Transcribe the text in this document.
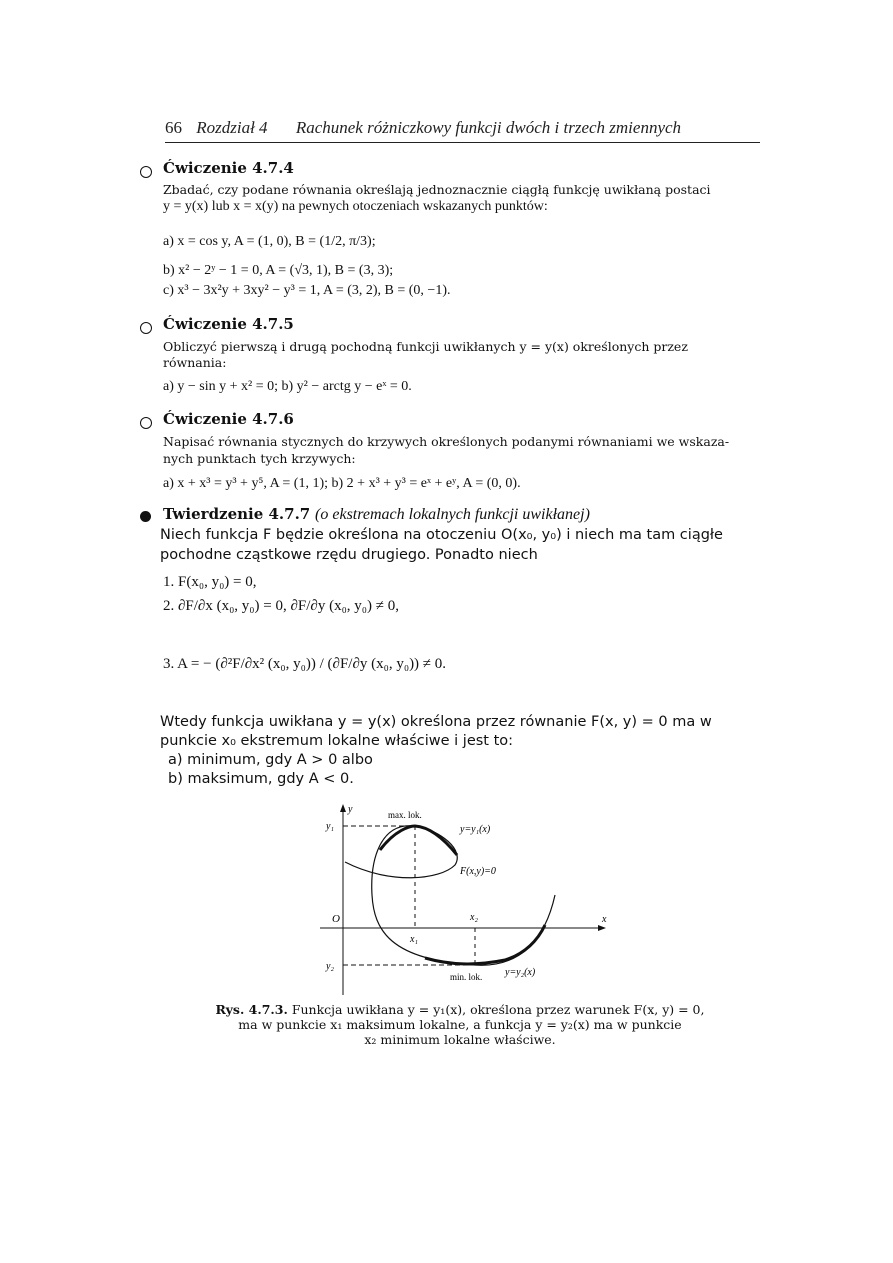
66 Rozdział 4 Rachunek różniczkowy funkcji dwóch i trzech zmiennych
Ćwiczenie 4.7.4
Zbadać, czy podane równania określają jednoznacznie ciągłą funkcję uwikłaną postaci
y = y(x) lub x = x(y) na pewnych otoczeniach wskazanych punktów:
a) x = cos y, A = (1, 0), B = (1/2, π/3);
b) x² − 2ʸ − 1 = 0, A = (√3, 1), B = (3, 3);
c) x³ − 3x²y + 3xy² − y³ = 1, A = (3, 2), B = (0, −1).
Ćwiczenie 4.7.5
Obliczyć pierwszą i drugą pochodną funkcji uwikłanych y = y(x) określonych przez
równania:
a) y − sin y + x² = 0; b) y² − arctg y − eˣ = 0.
Ćwiczenie 4.7.6
Napisać równania stycznych do krzywych określonych podanymi równaniami we wskaza-
nych punktach tych krzywych:
a) x + x³ = y³ + y⁵, A = (1, 1); b) 2 + x³ + y³ = eˣ + eʸ, A = (0, 0).
Twierdzenie 4.7.7 (o ekstremach lokalnych funkcji uwikłanej)
Niech funkcja F będzie określona na otoczeniu O(x₀, y₀) i niech ma tam ciągłe
pochodne cząstkowe rzędu drugiego. Ponadto niech
1. F(x₀, y₀) = 0,
2. ∂F/∂x (x₀, y₀) = 0, ∂F/∂y (x₀, y₀) ≠ 0,
3. A = − (∂²F/∂x² (x₀, y₀)) / (∂F/∂y (x₀, y₀)) ≠ 0.
Wtedy funkcja uwikłana y = y(x) określona przez równanie F(x, y) = 0 ma w
punkcie x₀ ekstremum lokalne właściwe i jest to:
a) minimum, gdy A > 0 albo
b) maksimum, gdy A < 0.
y
x
O
y₁
y₂
x₁
x₂
max. lok.
min. lok.
y=y₁(x)
y=y₂(x)
F(x,y)=0
Rys. 4.7.3. Funkcja uwikłana y = y₁(x), określona przez warunek F(x, y) = 0,
ma w punkcie x₁ maksimum lokalne, a funkcja y = y₂(x) ma w punkcie
x₂ minimum lokalne właściwe.
